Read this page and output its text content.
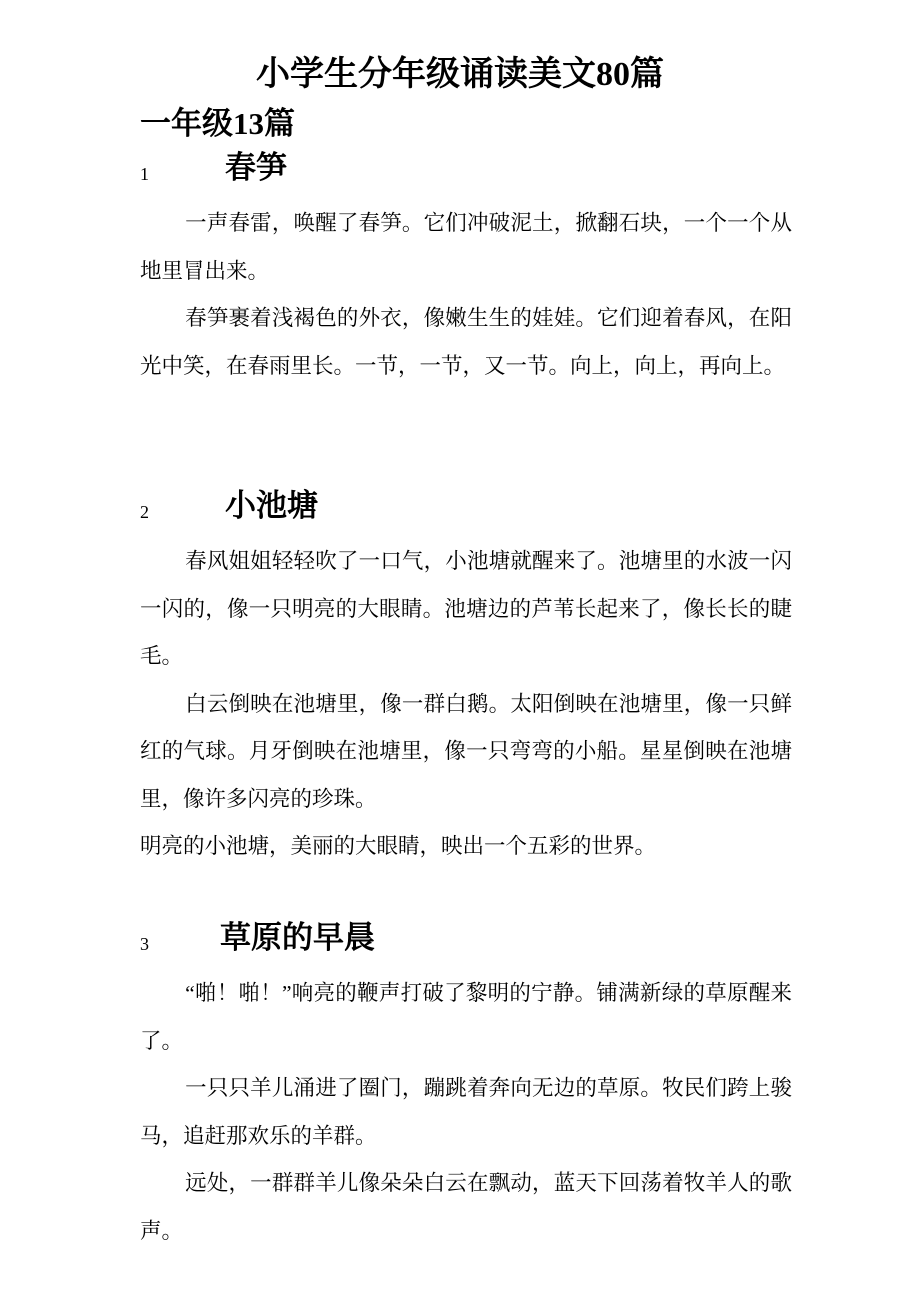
小学生分年级诵读美文80篇
一年级13篇
1 春笋

一声春雷，唤醒了春笋。它们冲破泥土，掀翻石块，一个一个从地里冒出来。

春笋裹着浅褐色的外衣，像嫩生生的娃娃。它们迎着春风，在阳光中笑，在春雨里长。一节，一节，又一节。向上，向上，再向上。

2 小池塘

春风姐姐轻轻吹了一口气，小池塘就醒来了。池塘里的水波一闪一闪的，像一只明亮的大眼睛。池塘边的芦苇长起来了，像长长的睫毛。

白云倒映在池塘里，像一群白鹅。太阳倒映在池塘里，像一只鲜红的气球。月牙倒映在池塘里，像一只弯弯的小船。星星倒映在池塘里，像许多闪亮的珍珠。

明亮的小池塘，美丽的大眼睛，映出一个五彩的世界。

3 草原的早晨

“啪！啪！”响亮的鞭声打破了黎明的宁静。铺满新绿的草原醒来了。

一只只羊儿涌进了圈门，蹦跳着奔向无边的草原。牧民们跨上骏马，追赶那欢乐的羊群。

远处，一群群羊儿像朵朵白云在飘动，蓝天下回荡着牧羊人的歌声。
